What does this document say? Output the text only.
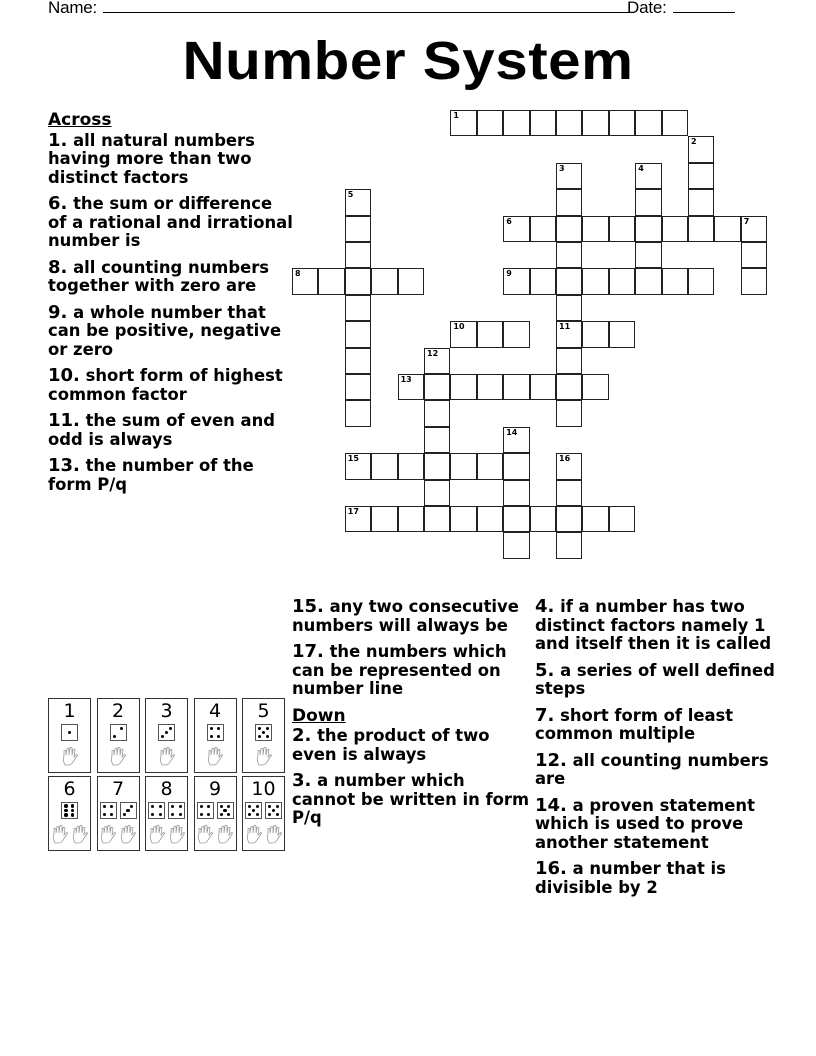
Name:	Date:
Number System
Across
1. all natural numbers having more than two distinct factors
6. the sum or difference of a rational and irrational number is
8. all counting numbers together with zero are
9. a whole number that can be positive, negative or zero
10. short form of highest common factor
11. the sum of even and odd is always
13. the number of the form P/q
15. any two consecutive numbers will always be
17. the numbers which can be represented on number line
Down
2. the product of two even is always
3. a number which cannot be written in form P/q
4. if a number has two distinct factors namely 1 and itself then it is called
5. a series of well defined steps
7. short form of least common multiple
12. all counting numbers are
14. a proven statement which is used to prove another statement
16. a number that is divisible by 2
1
2
3
11
4
5
6	7
8	9
10
12
13
14
15	16
17
1	2	3	4	5
6	7	8	9	10
